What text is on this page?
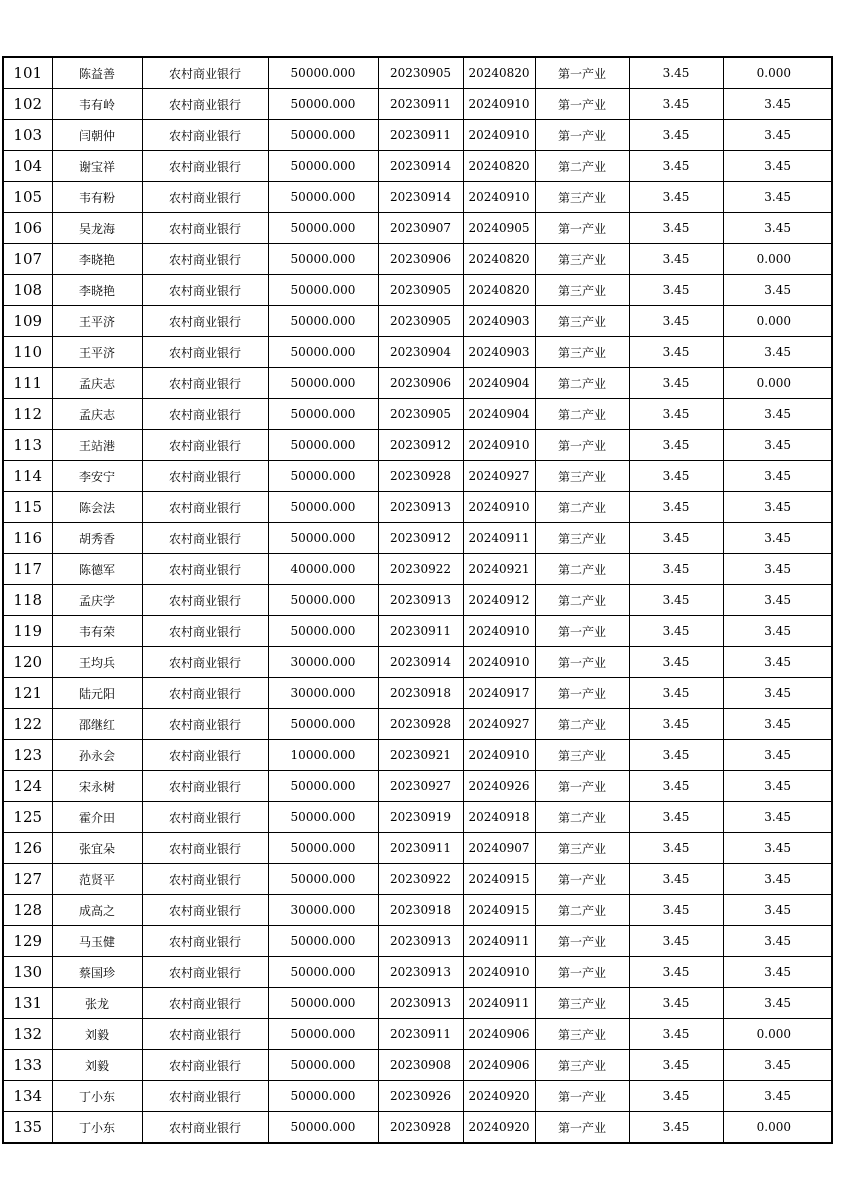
101	陈益善	农村商业银行	50000.000	20230905	20240820	第一产业	3.45	0.000
102	韦有岭	农村商业银行	50000.000	20230911	20240910	第一产业	3.45	3.45
103	闫朝仲	农村商业银行	50000.000	20230911	20240910	第一产业	3.45	3.45
104	谢宝祥	农村商业银行	50000.000	20230914	20240820	第二产业	3.45	3.45
105	韦有粉	农村商业银行	50000.000	20230914	20240910	第三产业	3.45	3.45
106	吴龙海	农村商业银行	50000.000	20230907	20240905	第一产业	3.45	3.45
107	李晓艳	农村商业银行	50000.000	20230906	20240820	第三产业	3.45	0.000
108	李晓艳	农村商业银行	50000.000	20230905	20240820	第三产业	3.45	3.45
109	王平济	农村商业银行	50000.000	20230905	20240903	第三产业	3.45	0.000
110	王平济	农村商业银行	50000.000	20230904	20240903	第三产业	3.45	3.45
111	孟庆志	农村商业银行	50000.000	20230906	20240904	第二产业	3.45	0.000
112	孟庆志	农村商业银行	50000.000	20230905	20240904	第二产业	3.45	3.45
113	王站港	农村商业银行	50000.000	20230912	20240910	第一产业	3.45	3.45
114	李安宁	农村商业银行	50000.000	20230928	20240927	第三产业	3.45	3.45
115	陈会法	农村商业银行	50000.000	20230913	20240910	第二产业	3.45	3.45
116	胡秀香	农村商业银行	50000.000	20230912	20240911	第三产业	3.45	3.45
117	陈德军	农村商业银行	40000.000	20230922	20240921	第二产业	3.45	3.45
118	孟庆学	农村商业银行	50000.000	20230913	20240912	第二产业	3.45	3.45
119	韦有荣	农村商业银行	50000.000	20230911	20240910	第一产业	3.45	3.45
120	王均兵	农村商业银行	30000.000	20230914	20240910	第一产业	3.45	3.45
121	陆元阳	农村商业银行	30000.000	20230918	20240917	第一产业	3.45	3.45
122	邵继红	农村商业银行	50000.000	20230928	20240927	第二产业	3.45	3.45
123	孙永会	农村商业银行	10000.000	20230921	20240910	第三产业	3.45	3.45
124	宋永树	农村商业银行	50000.000	20230927	20240926	第一产业	3.45	3.45
125	霍介田	农村商业银行	50000.000	20230919	20240918	第二产业	3.45	3.45
126	张宜朵	农村商业银行	50000.000	20230911	20240907	第三产业	3.45	3.45
127	范贤平	农村商业银行	50000.000	20230922	20240915	第一产业	3.45	3.45
128	成高之	农村商业银行	30000.000	20230918	20240915	第二产业	3.45	3.45
129	马玉健	农村商业银行	50000.000	20230913	20240911	第一产业	3.45	3.45
130	蔡国珍	农村商业银行	50000.000	20230913	20240910	第一产业	3.45	3.45
131	张龙	农村商业银行	50000.000	20230913	20240911	第三产业	3.45	3.45
132	刘毅	农村商业银行	50000.000	20230911	20240906	第三产业	3.45	0.000
133	刘毅	农村商业银行	50000.000	20230908	20240906	第三产业	3.45	3.45
134	丁小东	农村商业银行	50000.000	20230926	20240920	第一产业	3.45	3.45
135	丁小东	农村商业银行	50000.000	20230928	20240920	第一产业	3.45	0.000
